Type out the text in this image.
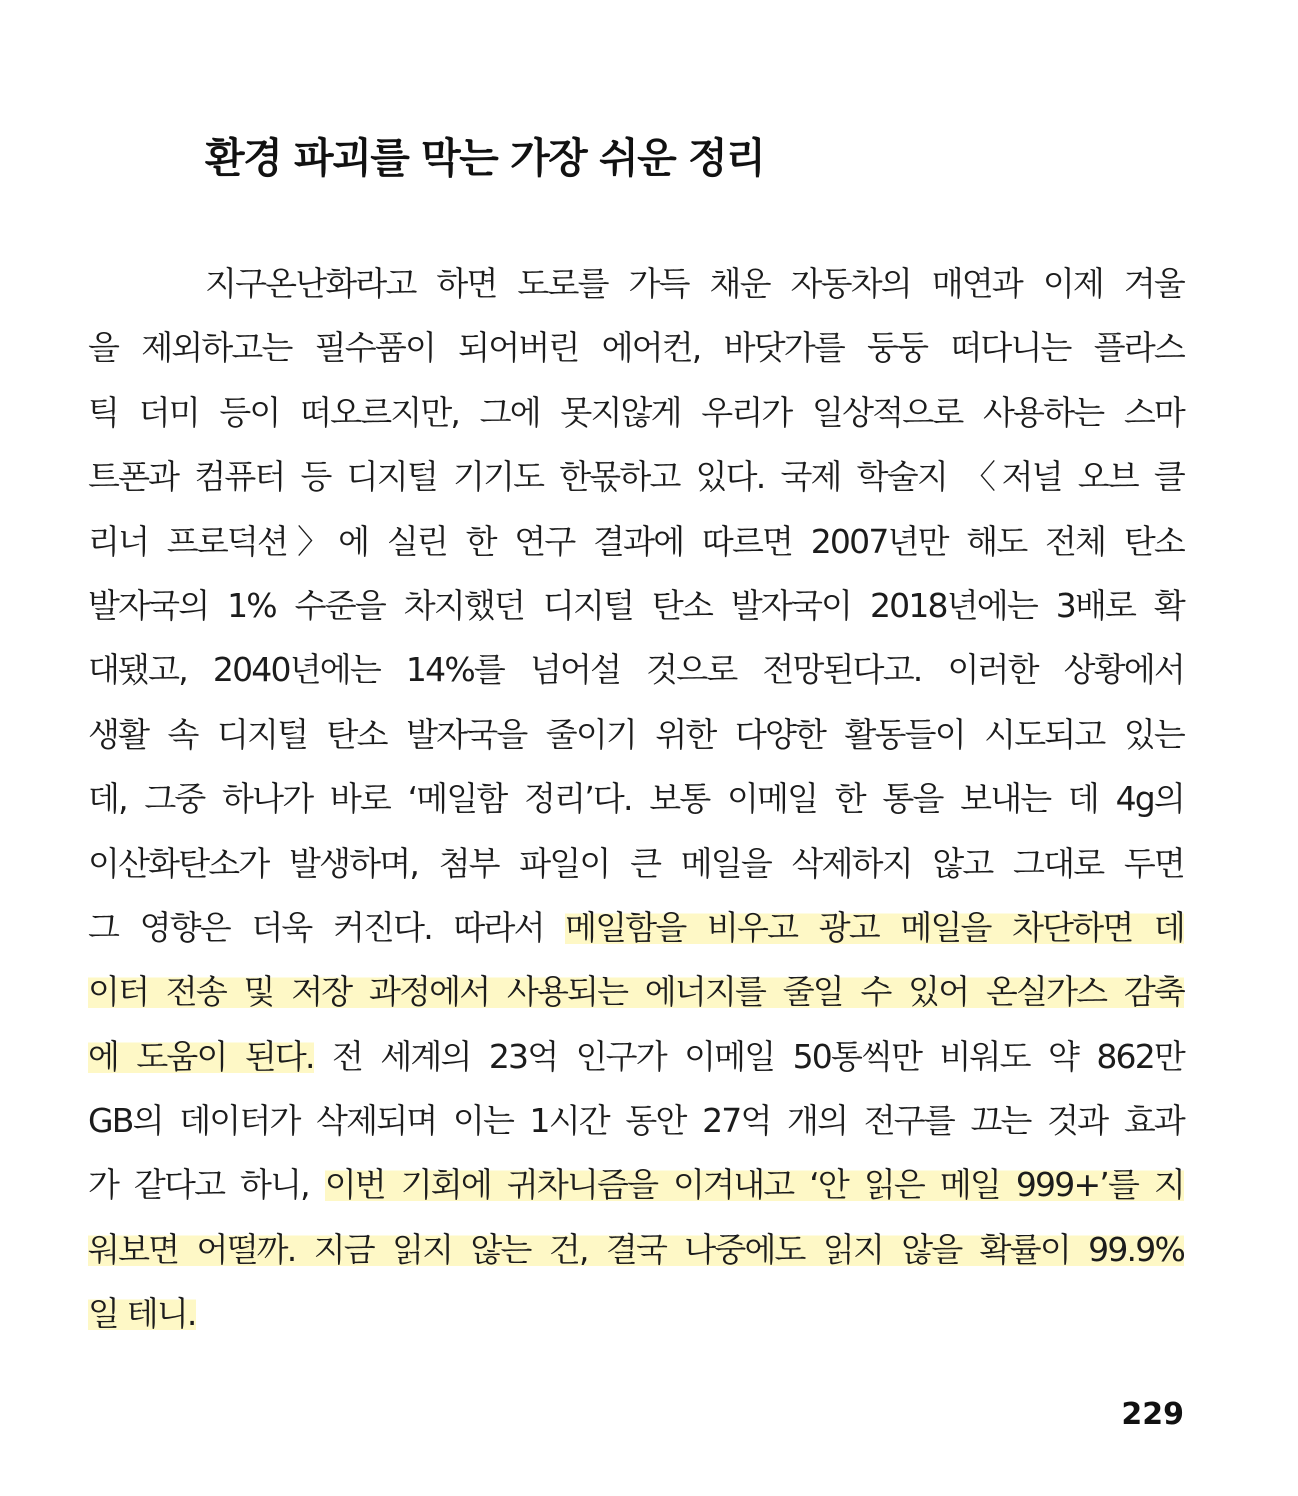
환경 파괴를 막는 가장 쉬운 정리
지구온난화라고 하면 도로를 가득 채운 자동차의 매연과 이제 겨울
을 제외하고는 필수품이 되어버린 에어컨, 바닷가를 둥둥 떠다니는 플라스
틱 더미 등이 떠오르지만, 그에 못지않게 우리가 일상적으로 사용하는 스마
트폰과 컴퓨터 등 디지털 기기도 한몫하고 있다. 국제 학술지 〈저널 오브 클
리너 프로덕션〉에 실린 한 연구 결과에 따르면 2007년만 해도 전체 탄소
발자국의 1% 수준을 차지했던 디지털 탄소 발자국이 2018년에는 3배로 확
대됐고, 2040년에는 14%를 넘어설 것으로 전망된다고. 이러한 상황에서
생활 속 디지털 탄소 발자국을 줄이기 위한 다양한 활동들이 시도되고 있는
데, 그중 하나가 바로 ‘메일함 정리’다. 보통 이메일 한 통을 보내는 데 4g의
이산화탄소가 발생하며, 첨부 파일이 큰 메일을 삭제하지 않고 그대로 두면
그 영향은 더욱 커진다. 따라서 메일함을 비우고 광고 메일을 차단하면 데
이터 전송 및 저장 과정에서 사용되는 에너지를 줄일 수 있어 온실가스 감축
에 도움이 된다. 전 세계의 23억 인구가 이메일 50통씩만 비워도 약 862만
GB의 데이터가 삭제되며 이는 1시간 동안 27억 개의 전구를 끄는 것과 효과
가 같다고 하니, 이번 기회에 귀차니즘을 이겨내고 ‘안 읽은 메일 999+’를 지
워보면 어떨까. 지금 읽지 않는 건, 결국 나중에도 읽지 않을 확률이 99.9%
일 테니.
229
